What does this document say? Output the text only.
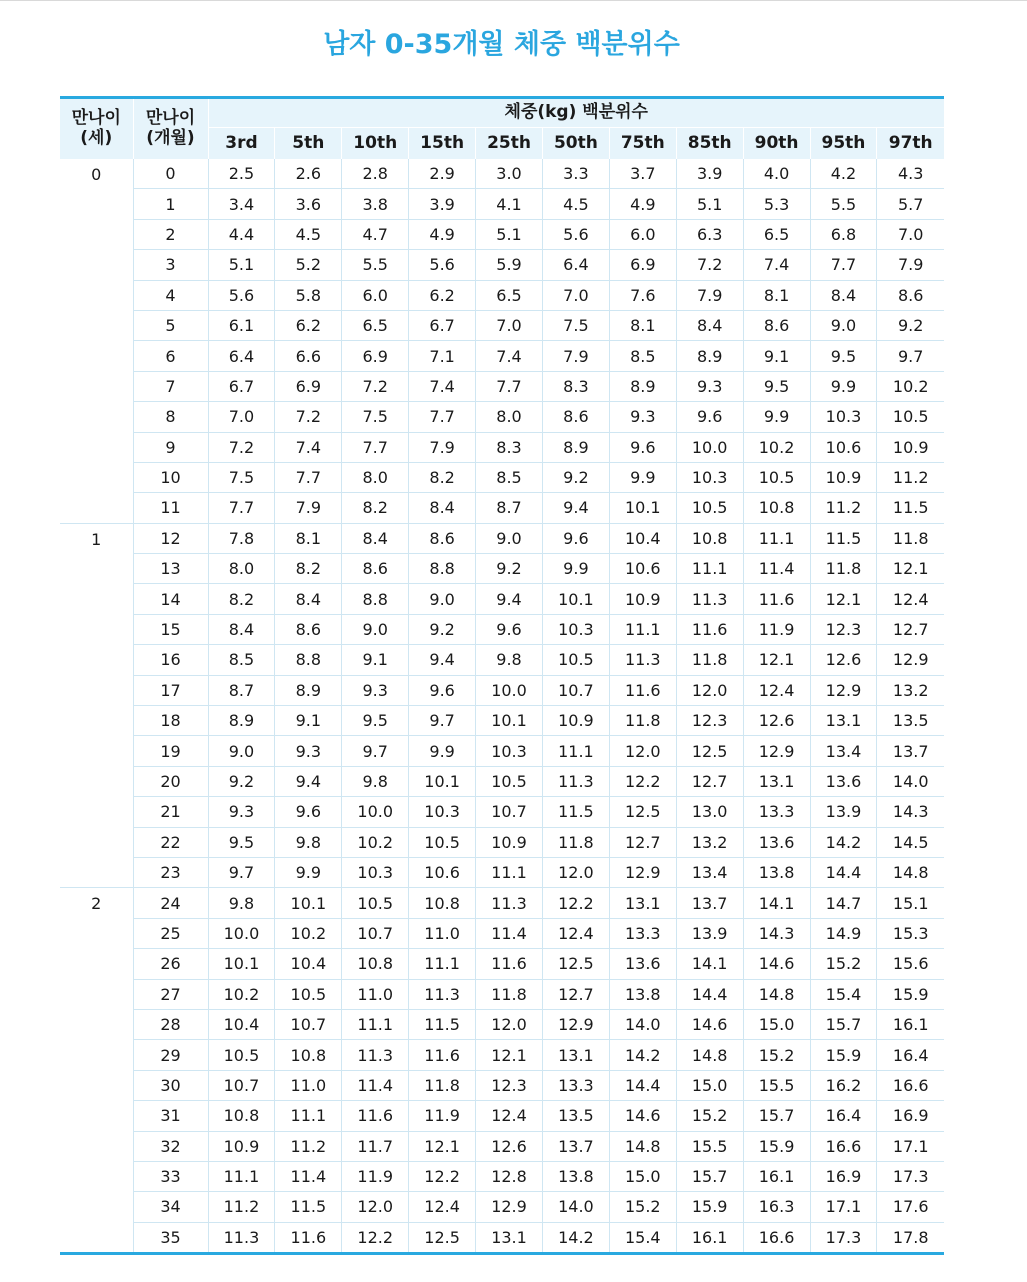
남자 0-35개월 체중 백분위수
만나이
(세)	만나이
(개월)	체중(kg) 백분위수										
		3rd	5th	10th	15th	25th	50th	75th	85th	90th	95th	97th
0	0	2.5	2.6	2.8	2.9	3.0	3.3	3.7	3.9	4.0	4.2	4.3
	1	3.4	3.6	3.8	3.9	4.1	4.5	4.9	5.1	5.3	5.5	5.7
	2	4.4	4.5	4.7	4.9	5.1	5.6	6.0	6.3	6.5	6.8	7.0
	3	5.1	5.2	5.5	5.6	5.9	6.4	6.9	7.2	7.4	7.7	7.9
	4	5.6	5.8	6.0	6.2	6.5	7.0	7.6	7.9	8.1	8.4	8.6
	5	6.1	6.2	6.5	6.7	7.0	7.5	8.1	8.4	8.6	9.0	9.2
	6	6.4	6.6	6.9	7.1	7.4	7.9	8.5	8.9	9.1	9.5	9.7
	7	6.7	6.9	7.2	7.4	7.7	8.3	8.9	9.3	9.5	9.9	10.2
	8	7.0	7.2	7.5	7.7	8.0	8.6	9.3	9.6	9.9	10.3	10.5
	9	7.2	7.4	7.7	7.9	8.3	8.9	9.6	10.0	10.2	10.6	10.9
	10	7.5	7.7	8.0	8.2	8.5	9.2	9.9	10.3	10.5	10.9	11.2
	11	7.7	7.9	8.2	8.4	8.7	9.4	10.1	10.5	10.8	11.2	11.5
1	12	7.8	8.1	8.4	8.6	9.0	9.6	10.4	10.8	11.1	11.5	11.8
	13	8.0	8.2	8.6	8.8	9.2	9.9	10.6	11.1	11.4	11.8	12.1
	14	8.2	8.4	8.8	9.0	9.4	10.1	10.9	11.3	11.6	12.1	12.4
	15	8.4	8.6	9.0	9.2	9.6	10.3	11.1	11.6	11.9	12.3	12.7
	16	8.5	8.8	9.1	9.4	9.8	10.5	11.3	11.8	12.1	12.6	12.9
	17	8.7	8.9	9.3	9.6	10.0	10.7	11.6	12.0	12.4	12.9	13.2
	18	8.9	9.1	9.5	9.7	10.1	10.9	11.8	12.3	12.6	13.1	13.5
	19	9.0	9.3	9.7	9.9	10.3	11.1	12.0	12.5	12.9	13.4	13.7
	20	9.2	9.4	9.8	10.1	10.5	11.3	12.2	12.7	13.1	13.6	14.0
	21	9.3	9.6	10.0	10.3	10.7	11.5	12.5	13.0	13.3	13.9	14.3
	22	9.5	9.8	10.2	10.5	10.9	11.8	12.7	13.2	13.6	14.2	14.5
	23	9.7	9.9	10.3	10.6	11.1	12.0	12.9	13.4	13.8	14.4	14.8
2	24	9.8	10.1	10.5	10.8	11.3	12.2	13.1	13.7	14.1	14.7	15.1
	25	10.0	10.2	10.7	11.0	11.4	12.4	13.3	13.9	14.3	14.9	15.3
	26	10.1	10.4	10.8	11.1	11.6	12.5	13.6	14.1	14.6	15.2	15.6
	27	10.2	10.5	11.0	11.3	11.8	12.7	13.8	14.4	14.8	15.4	15.9
	28	10.4	10.7	11.1	11.5	12.0	12.9	14.0	14.6	15.0	15.7	16.1
	29	10.5	10.8	11.3	11.6	12.1	13.1	14.2	14.8	15.2	15.9	16.4
	30	10.7	11.0	11.4	11.8	12.3	13.3	14.4	15.0	15.5	16.2	16.6
	31	10.8	11.1	11.6	11.9	12.4	13.5	14.6	15.2	15.7	16.4	16.9
	32	10.9	11.2	11.7	12.1	12.6	13.7	14.8	15.5	15.9	16.6	17.1
	33	11.1	11.4	11.9	12.2	12.8	13.8	15.0	15.7	16.1	16.9	17.3
	34	11.2	11.5	12.0	12.4	12.9	14.0	15.2	15.9	16.3	17.1	17.6
	35	11.3	11.6	12.2	12.5	13.1	14.2	15.4	16.1	16.6	17.3	17.8
